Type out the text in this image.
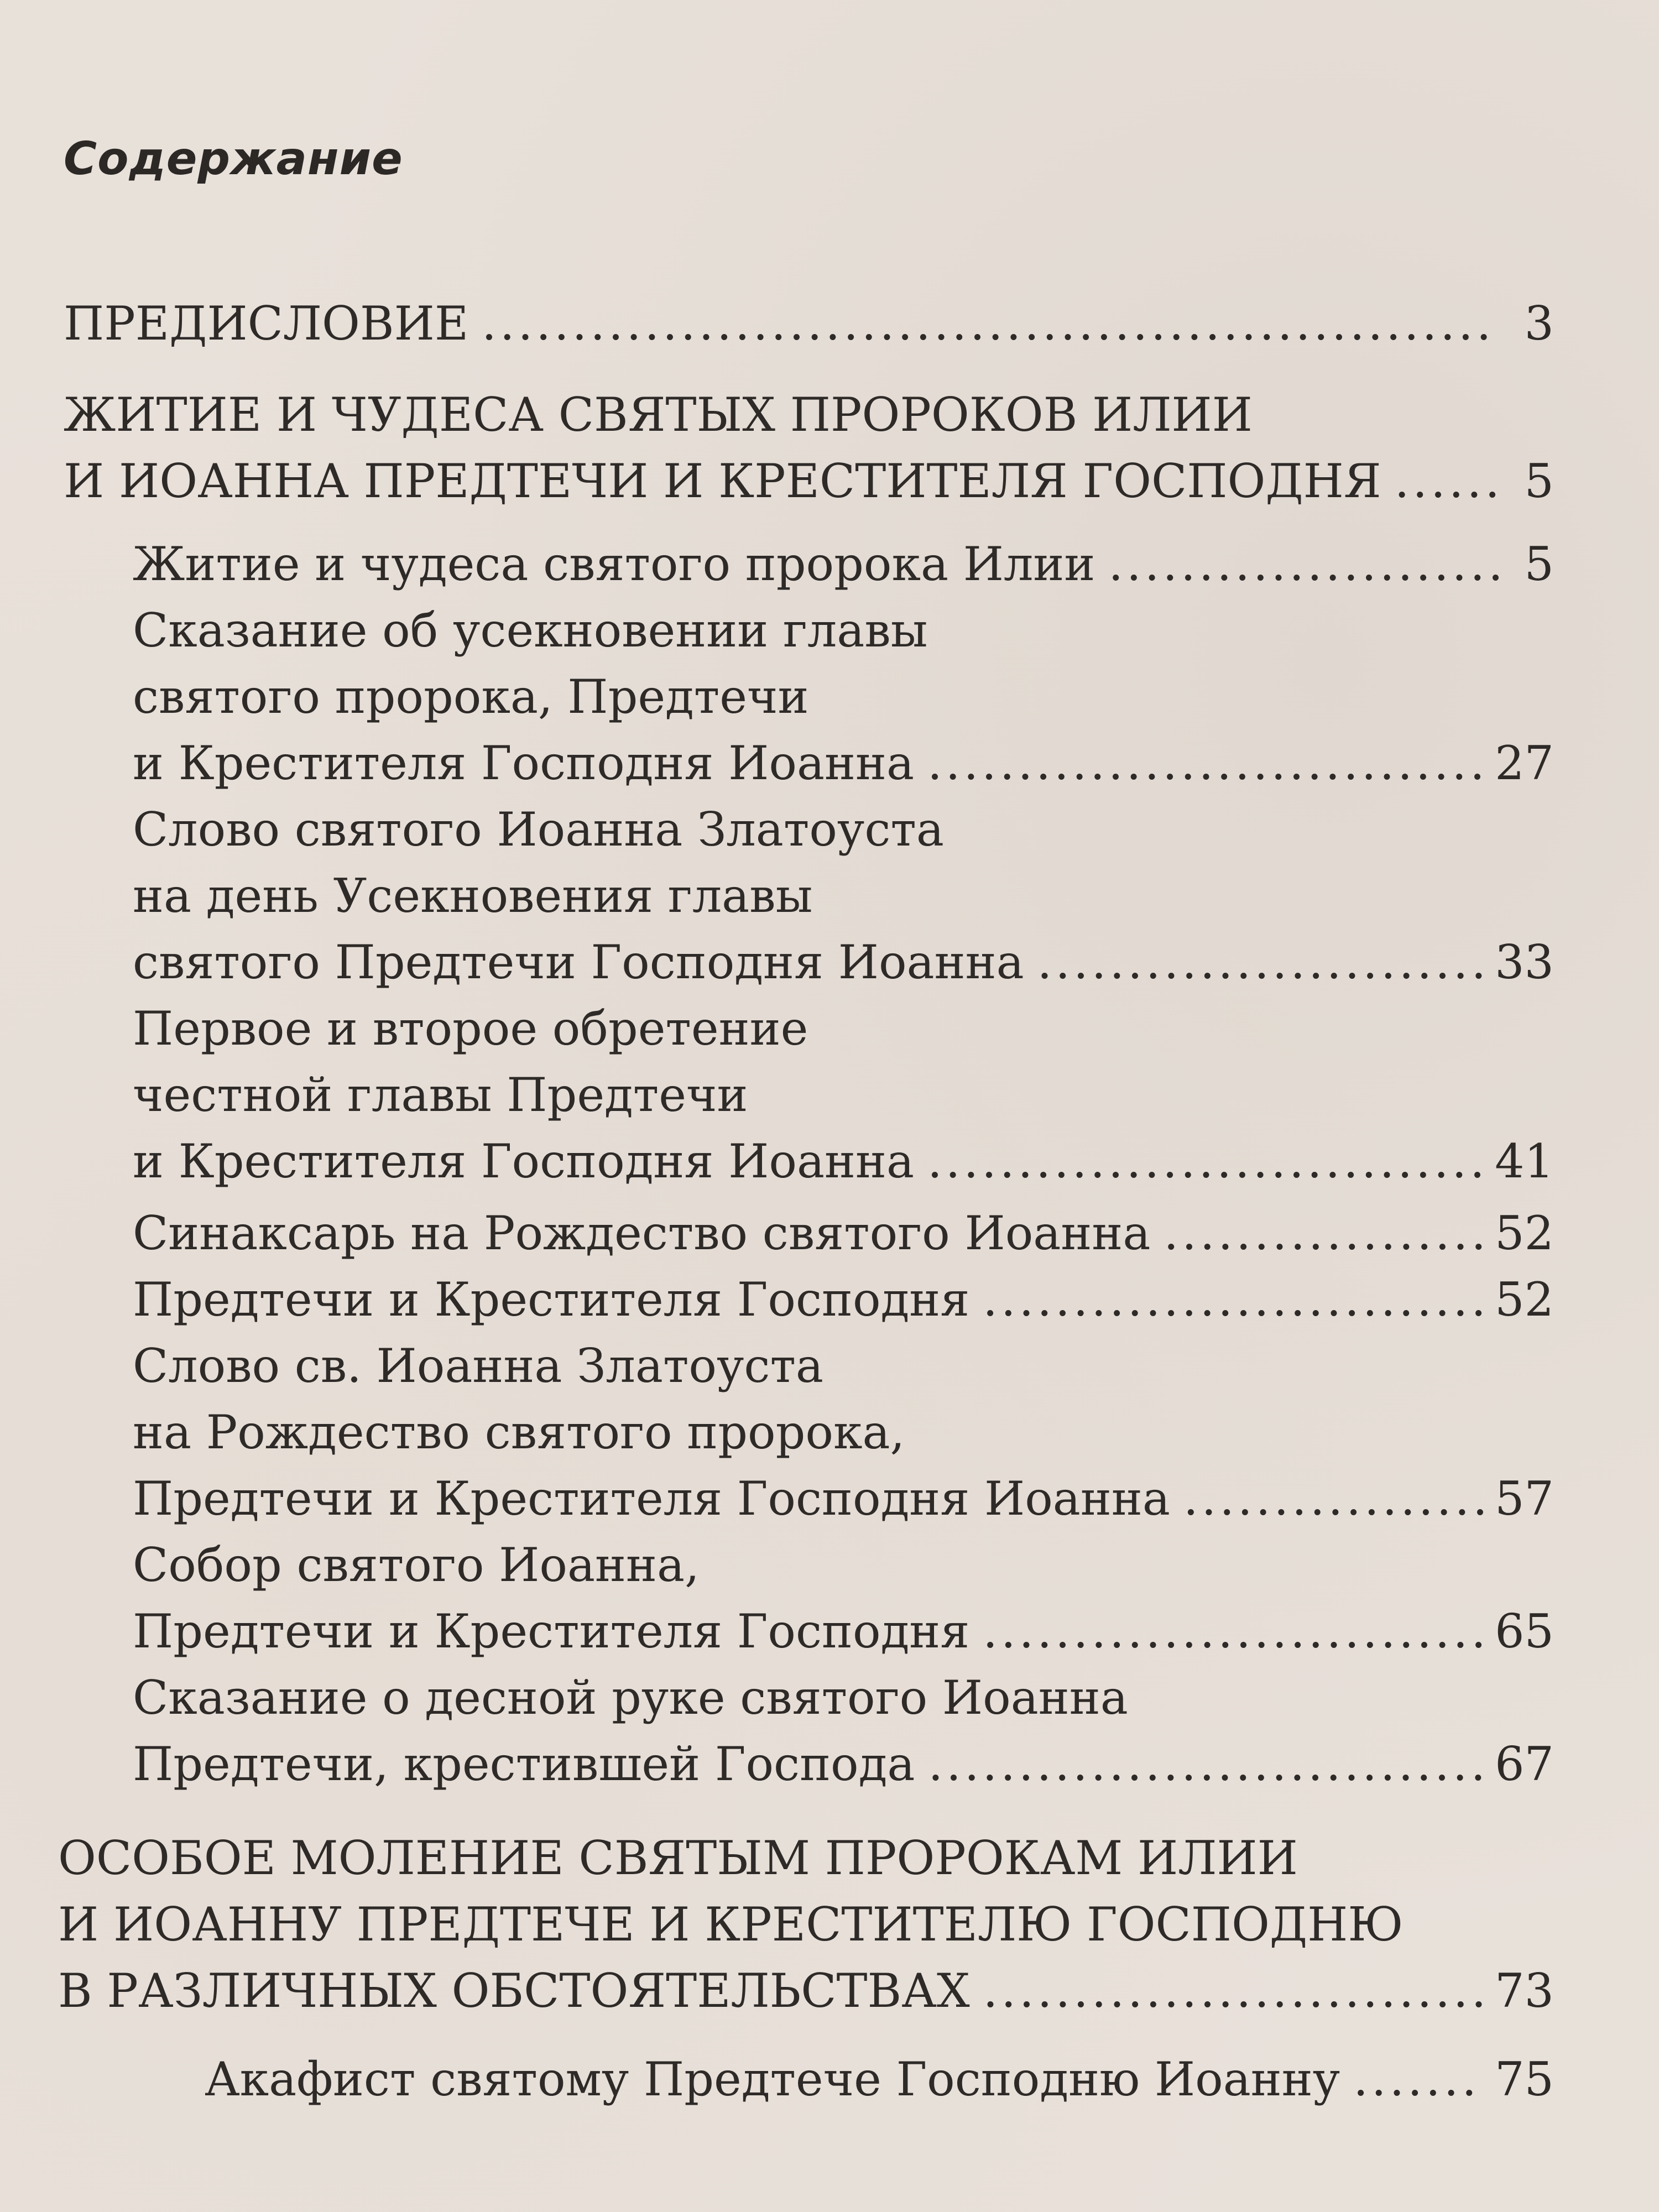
Содержание
ПРЕДИСЛОВИЕ .....	3
ЖИТИЕ И ЧУДЕСА СВЯТЫХ ПРОРОКОВ ИЛИИ
И ИОАННА ПРЕДТЕЧИ И КРЕСТИТЕЛЯ ГОСПОДНЯ .....	5
Житие и чудеса святого пророка Илии .....	5
Сказание об усекновении главы
святого пророка, Предтечи
и Крестителя Господня Иоанна .....	27
Слово святого Иоанна Златоуста
на день Усекновения главы
святого Предтечи Господня Иоанна .....	33
Первое и второе обретение
честной главы Предтечи
и Крестителя Господня Иоанна .....	41
Синаксарь на Рождество святого Иоанна .....	52
Предтечи и Крестителя Господня .....	52
Слово св. Иоанна Златоуста
на Рождество святого пророка,
Предтечи и Крестителя Господня Иоанна .....	57
Собор святого Иоанна,
Предтечи и Крестителя Господня .....	65
Сказание о десной руке святого Иоанна
Предтечи, крестившей Господа .....	67
ОСОБОЕ МОЛЕНИЕ СВЯТЫМ ПРОРОКАМ ИЛИИ
И ИОАННУ ПРЕДТЕЧЕ И КРЕСТИТЕЛЮ ГОСПОДНЮ
В РАЗЛИЧНЫХ ОБСТОЯТЕЛЬСТВАХ .....	73
Акафист святому Предтече Господню Иоанну .....	75
